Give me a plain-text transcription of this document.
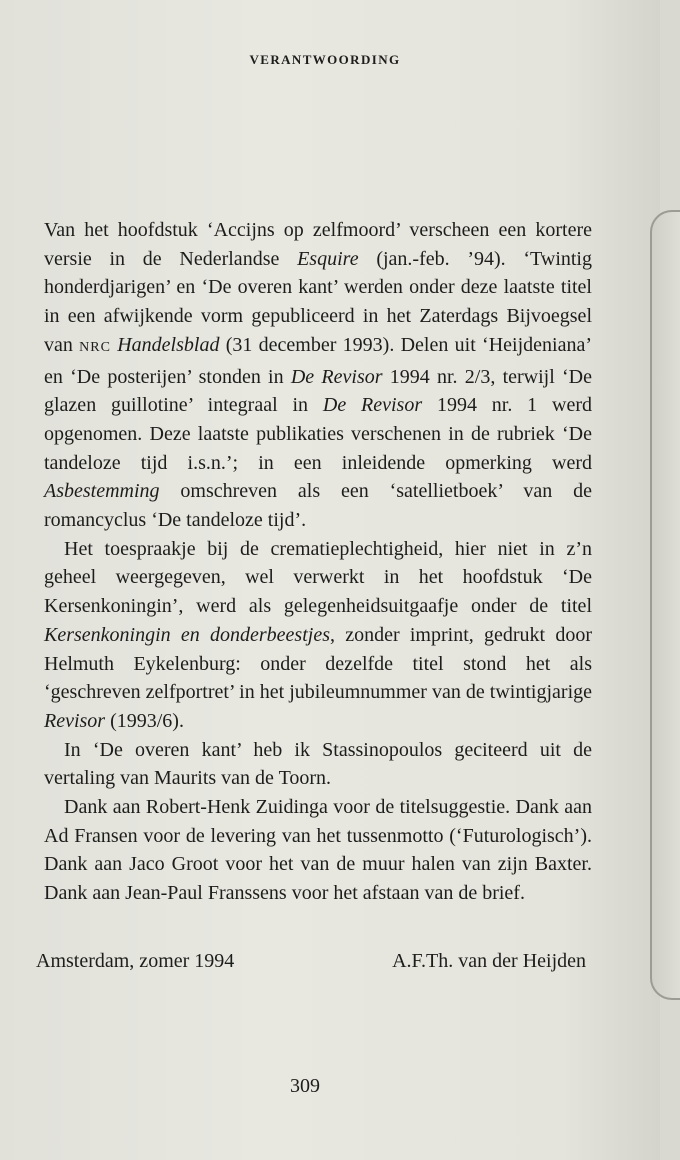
VERANTWOORDING

Van het hoofdstuk ‘Accijns op zelfmoord’ verscheen een kortere versie in de Nederlandse Esquire (jan.-feb. ’94). ‘Twintig honderdjarigen’ en ‘De overen kant’ werden onder deze laatste titel in een afwijkende vorm gepubliceerd in het Zaterdags Bijvoegsel van NRC Handelsblad (31 december 1993). Delen uit ‘Heijdeniana’ en ‘De posterijen’ stonden in De Revisor 1994 nr. 2/3, terwijl ‘De glazen guillotine’ integraal in De Revisor 1994 nr. 1 werd opgenomen. Deze laatste publikaties verschenen in de rubriek ‘De tandeloze tijd i.s.n.’; in een inleidende opmerking werd Asbestemming omschreven als een ‘satellietboek’ van de romancyclus ‘De tandeloze tijd’.

Het toespraakje bij de crematieplechtigheid, hier niet in z’n geheel weergegeven, wel verwerkt in het hoofdstuk ‘De Kersenkoningin’, werd als gelegenheidsuitgaafje onder de titel Kersenkoningin en donderbeestjes, zonder imprint, gedrukt door Helmuth Eykelenburg: onder dezelfde titel stond het als ‘geschreven zelfportret’ in het jubileumnummer van de twintigjarige Revisor (1993/6).

In ‘De overen kant’ heb ik Stassinopoulos geciteerd uit de vertaling van Maurits van de Toorn.

Dank aan Robert-Henk Zuidinga voor de titelsuggestie. Dank aan Ad Fransen voor de levering van het tussenmotto (‘Futurologisch’). Dank aan Jaco Groot voor het van de muur halen van zijn Baxter. Dank aan Jean-Paul Franssens voor het afstaan van de brief.

Amsterdam, zomer 1994	A.F.Th. van der Heijden
309
